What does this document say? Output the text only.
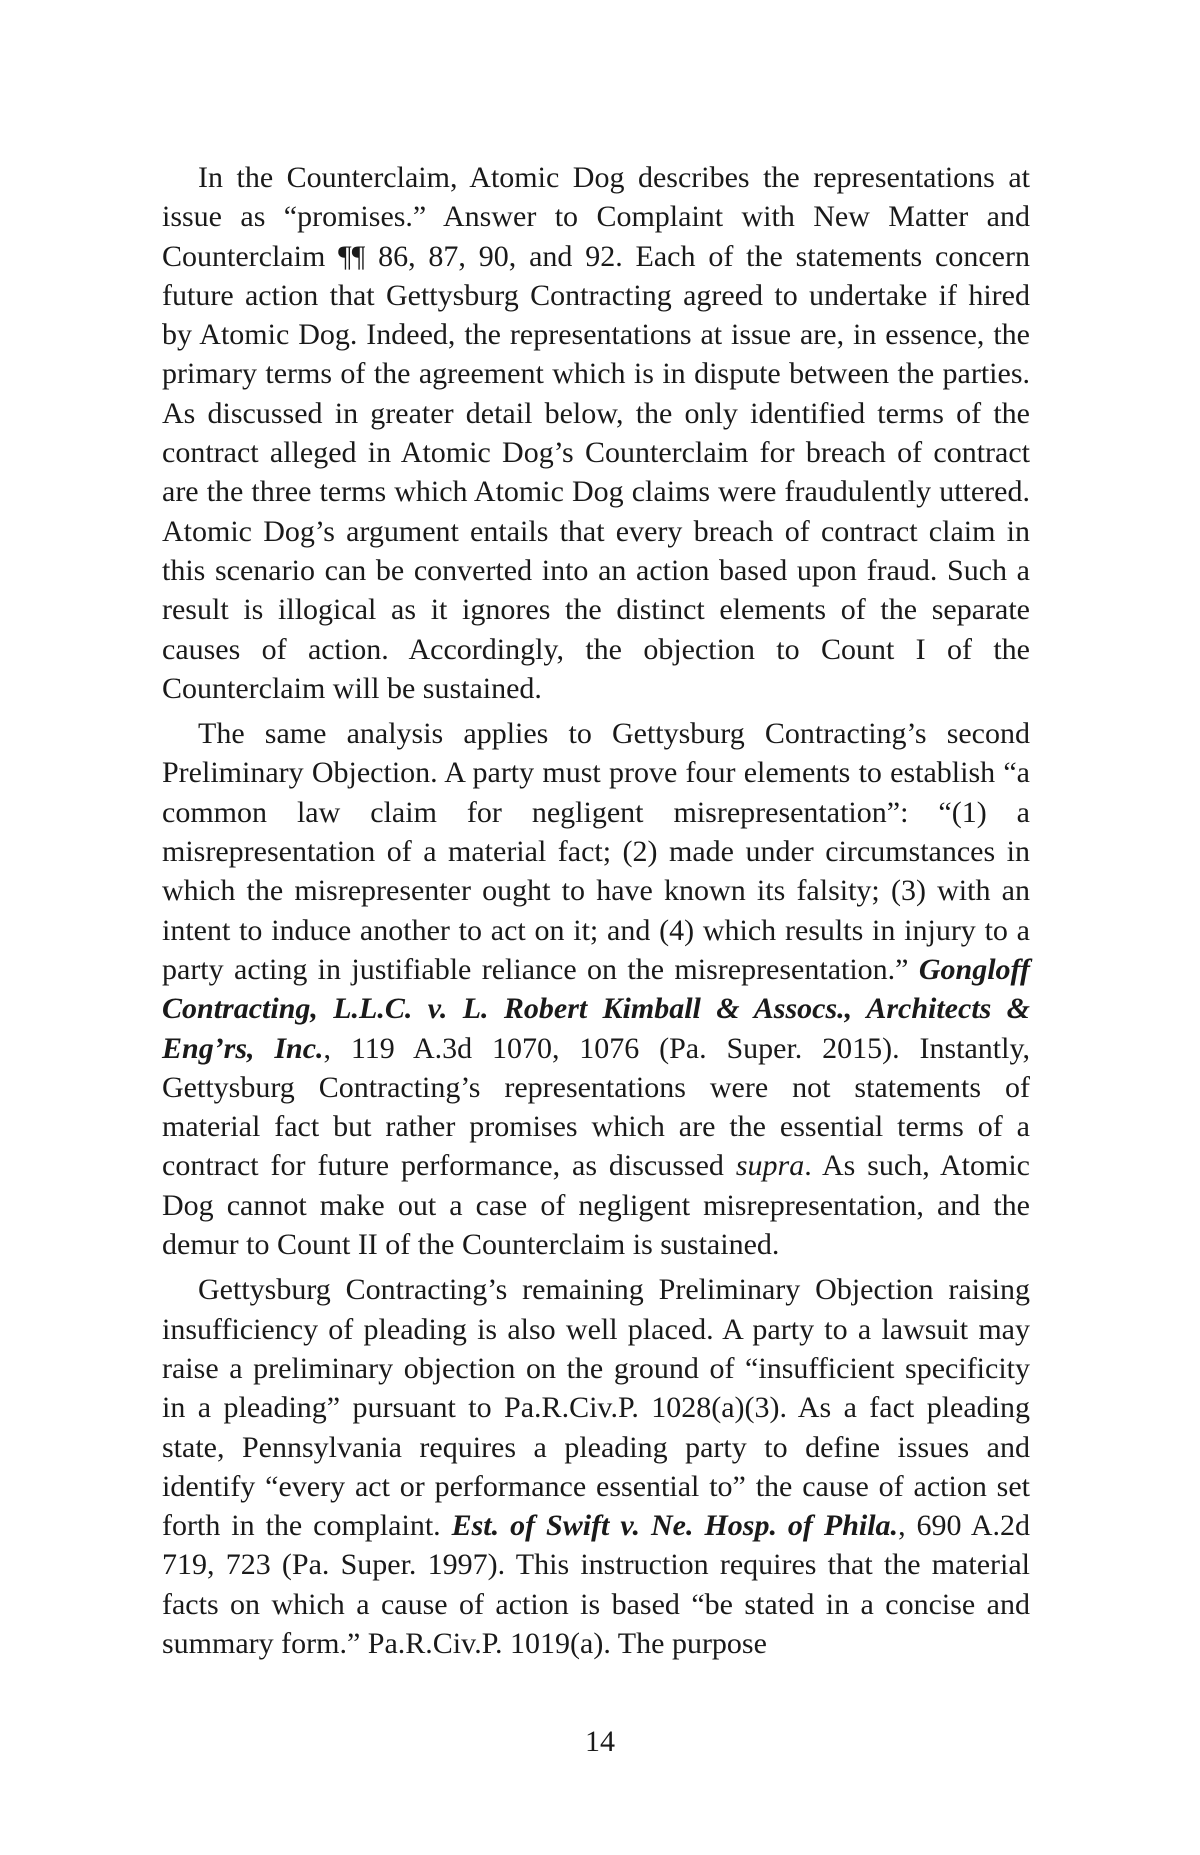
In the Counterclaim, Atomic Dog describes the representations at issue as “promises.” Answer to Complaint with New Matter and Counterclaim ¶¶ 86, 87, 90, and 92. Each of the statements concern future action that Gettysburg Contracting agreed to undertake if hired by Atomic Dog. Indeed, the representations at issue are, in essence, the primary terms of the agreement which is in dispute between the parties. As discussed in greater detail below, the only identified terms of the contract alleged in Atomic Dog’s Counterclaim for breach of contract are the three terms which Atomic Dog claims were fraudulently uttered. Atomic Dog’s argument entails that every breach of contract claim in this scenario can be converted into an action based upon fraud. Such a result is illogical as it ignores the distinct elements of the separate causes of action. Accordingly, the objection to Count I of the Counterclaim will be sustained.

The same analysis applies to Gettysburg Contracting’s second Preliminary Objection. A party must prove four elements to establish “a common law claim for negligent misrepresentation”: “(1) a misrepresentation of a material fact; (2) made under circumstances in which the misrepresenter ought to have known its falsity; (3) with an intent to induce another to act on it; and (4) which results in injury to a party acting in justifiable reliance on the misrepresentation.” Gongloff Contracting, L.L.C. v. L. Robert Kimball & Assocs., Architects & Eng’rs, Inc., 119 A.3d 1070, 1076 (Pa. Super. 2015). Instantly, Gettysburg Contracting’s representations were not statements of material fact but rather promises which are the essential terms of a contract for future performance, as discussed supra. As such, Atomic Dog cannot make out a case of negligent misrepresentation, and the demur to Count II of the Counterclaim is sustained.

Gettysburg Contracting’s remaining Preliminary Objection raising insufficiency of pleading is also well placed. A party to a lawsuit may raise a preliminary objection on the ground of “insufficient specificity in a pleading” pursuant to Pa.R.Civ.P. 1028(a)(3). As a fact pleading state, Pennsylvania requires a pleading party to define issues and identify “every act or performance essential to” the cause of action set forth in the complaint. Est. of Swift v. Ne. Hosp. of Phila., 690 A.2d 719, 723 (Pa. Super. 1997). This instruction requires that the material facts on which a cause of action is based “be stated in a concise and summary form.” Pa.R.Civ.P. 1019(a). The purpose

14
